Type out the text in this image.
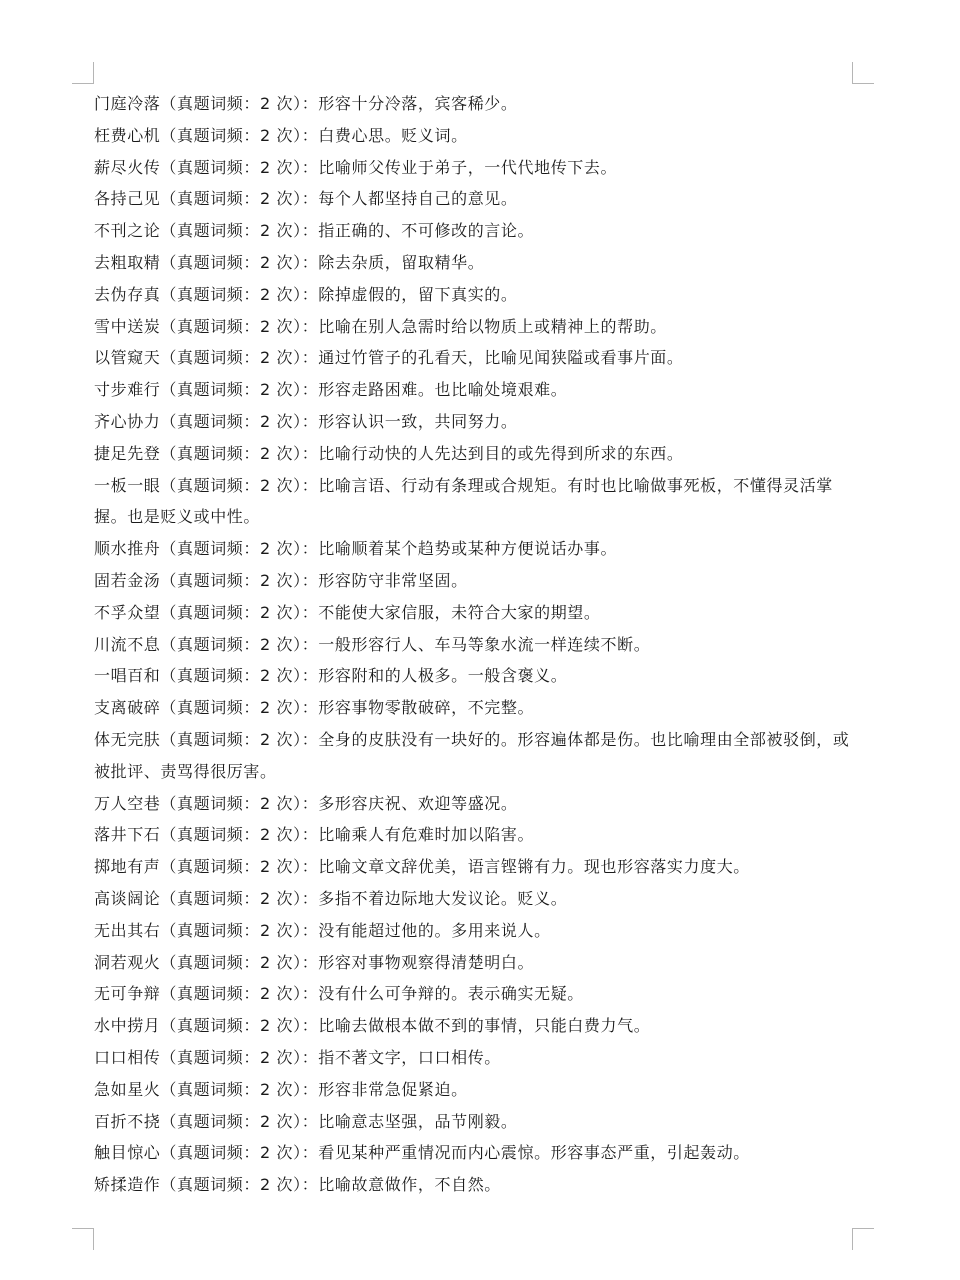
门庭冷落（真题词频：2 次）：形容十分冷落，宾客稀少。
枉费心机（真题词频：2 次）：白费心思。贬义词。
薪尽火传（真题词频：2 次）：比喻师父传业于弟子，一代代地传下去。
各持己见（真题词频：2 次）：每个人都坚持自己的意见。
不刊之论（真题词频：2 次）：指正确的、不可修改的言论。
去粗取精（真题词频：2 次）：除去杂质，留取精华。
去伪存真（真题词频：2 次）：除掉虚假的，留下真实的。
雪中送炭（真题词频：2 次）：比喻在别人急需时给以物质上或精神上的帮助。
以管窥天（真题词频：2 次）：通过竹管子的孔看天，比喻见闻狭隘或看事片面。
寸步难行（真题词频：2 次）：形容走路困难。也比喻处境艰难。
齐心协力（真题词频：2 次）：形容认识一致，共同努力。
捷足先登（真题词频：2 次）：比喻行动快的人先达到目的或先得到所求的东西。
一板一眼（真题词频：2 次）：比喻言语、行动有条理或合规矩。有时也比喻做事死板，不懂得灵活掌握。也是贬义或中性。
顺水推舟（真题词频：2 次）：比喻顺着某个趋势或某种方便说话办事。
固若金汤（真题词频：2 次）：形容防守非常坚固。
不孚众望（真题词频：2 次）：不能使大家信服，未符合大家的期望。
川流不息（真题词频：2 次）：一般形容行人、车马等象水流一样连续不断。
一唱百和（真题词频：2 次）：形容附和的人极多。一般含褒义。
支离破碎（真题词频：2 次）：形容事物零散破碎，不完整。
体无完肤（真题词频：2 次）：全身的皮肤没有一块好的。形容遍体都是伤。也比喻理由全部被驳倒，或被批评、责骂得很厉害。
万人空巷（真题词频：2 次）：多形容庆祝、欢迎等盛况。
落井下石（真题词频：2 次）：比喻乘人有危难时加以陷害。
掷地有声（真题词频：2 次）：比喻文章文辞优美，语言铿锵有力。现也形容落实力度大。
高谈阔论（真题词频：2 次）：多指不着边际地大发议论。贬义。
无出其右（真题词频：2 次）：没有能超过他的。多用来说人。
洞若观火（真题词频：2 次）：形容对事物观察得清楚明白。
无可争辩（真题词频：2 次）：没有什么可争辩的。表示确实无疑。
水中捞月（真题词频：2 次）：比喻去做根本做不到的事情，只能白费力气。
口口相传（真题词频：2 次）：指不著文字，口口相传。
急如星火（真题词频：2 次）：形容非常急促紧迫。
百折不挠（真题词频：2 次）：比喻意志坚强，品节刚毅。
触目惊心（真题词频：2 次）：看见某种严重情况而内心震惊。形容事态严重，引起轰动。
矫揉造作（真题词频：2 次）：比喻故意做作，不自然。
